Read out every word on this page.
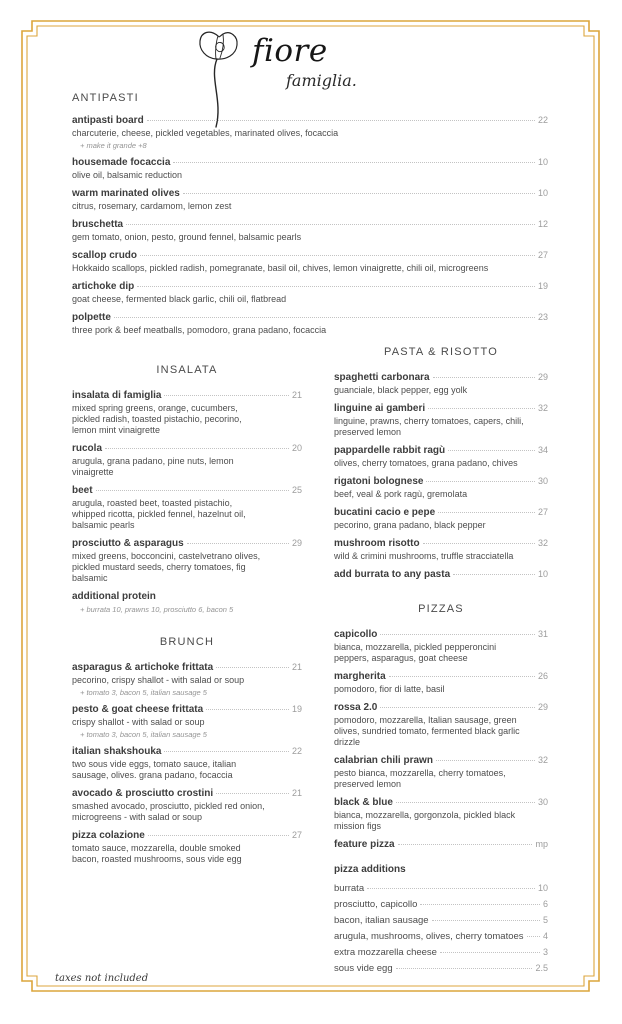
fiore
famiglia.
ANTIPASTI
antipasti board	22
charcuterie, cheese, pickled vegetables, marinated olives, focaccia
+ make it grande +8
housemade focaccia	10
olive oil, balsamic reduction
warm marinated olives	10
citrus, rosemary, cardamom, lemon zest
bruschetta	12
gem tomato, onion, pesto, ground fennel, balsamic pearls
scallop crudo	27
Hokkaido scallops, pickled radish, pomegranate, basil oil, chives, lemon vinaigrette, chili oil, microgreens
artichoke dip	19
goat cheese, fermented black garlic, chili oil, flatbread
polpette	23
three pork & beef meatballs, pomodoro, grana padano, focaccia
INSALATA
insalata di famiglia	21
mixed spring greens, orange, cucumbers, pickled radish, toasted pistachio, pecorino, lemon mint vinaigrette
rucola	20
arugula, grana padano, pine nuts, lemon vinaigrette
beet	25
arugula, roasted beet, toasted pistachio, whipped ricotta, pickled fennel, hazelnut oil, balsamic pearls
prosciutto & asparagus	29
mixed greens, bocconcini, castelvetrano olives, pickled mustard seeds, cherry tomatoes, fig balsamic
additional protein
+ burrata 10, prawns 10, prosciutto 6, bacon 5
BRUNCH
asparagus & artichoke frittata	21
pecorino, crispy shallot - with salad or soup
+ tomato 3, bacon 5, italian sausage 5
pesto & goat cheese frittata	19
crispy shallot - with salad or soup
+ tomato 3, bacon 5, italian sausage 5
italian shakshouka	22
two sous vide eggs, tomato sauce, italian sausage, olives. grana padano, focaccia
avocado & prosciutto crostini	21
smashed avocado, prosciutto, pickled red onion, microgreens - with salad or soup
pizza colazione	27
tomato sauce, mozzarella, double smoked bacon, roasted mushrooms, sous vide egg
PASTA & RISOTTO
spaghetti carbonara	29
guanciale, black pepper, egg yolk
linguine ai gamberi	32
linguine, prawns, cherry tomatoes, capers, chili, preserved lemon
pappardelle rabbit ragù	34
olives, cherry tomatoes, grana padano, chives
rigatoni bolognese	30
beef, veal & pork ragù, gremolata
bucatini cacio e pepe	27
pecorino, grana padano, black pepper
mushroom risotto	32
wild & crimini mushrooms, truffle stracciatella
add burrata to any pasta	10
PIZZAS
capicollo	31
bianca, mozzarella, pickled pepperoncini peppers, asparagus, goat cheese
margherita	26
pomodoro, fior di latte, basil
rossa 2.0	29
pomodoro, mozzarella, Italian sausage, green olives, sundried tomato, fermented black garlic drizzle
calabrian chili prawn	32
pesto bianca, mozzarella, cherry tomatoes, preserved lemon
black & blue	30
bianca, mozzarella, gorgonzola, pickled black mission figs
feature pizza	mp
pizza additions
burrata	10
prosciutto, capicollo	6
bacon, italian sausage	5
arugula, mushrooms, olives, cherry tomatoes 4
extra mozzarella cheese	3
sous vide egg	2.5
taxes not included
